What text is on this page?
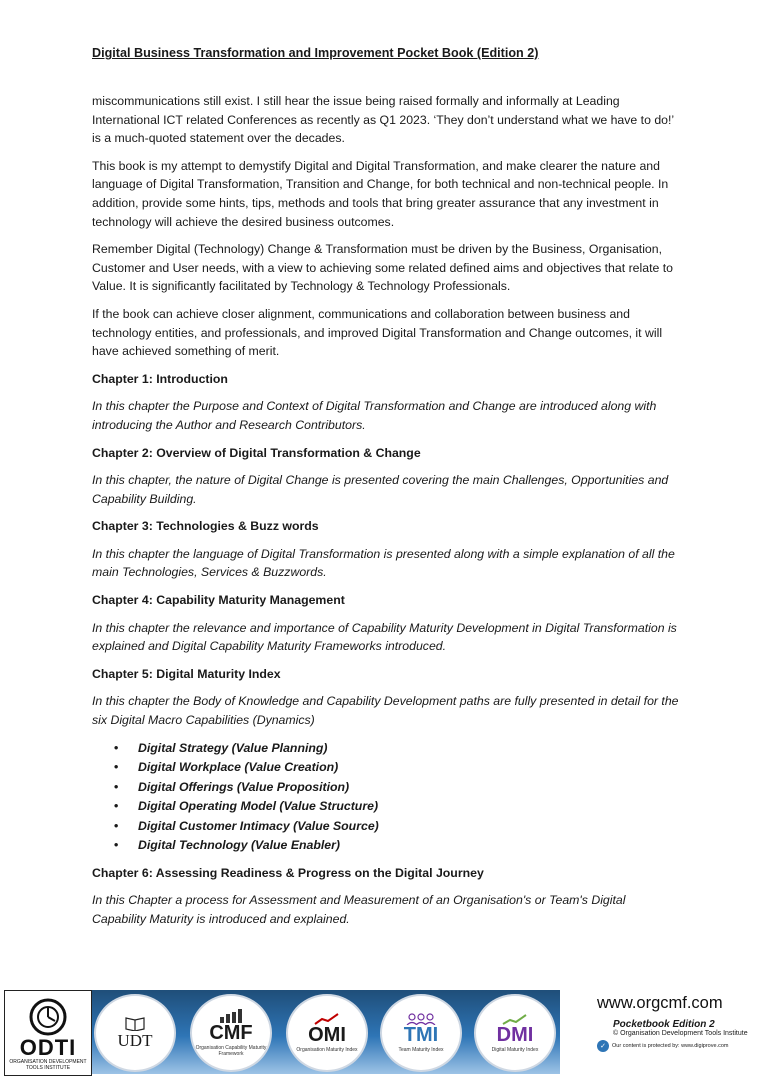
Digital Business Transformation and Improvement Pocket Book (Edition 2)

miscommunications still exist. I still hear the issue being raised formally and informally at Leading International ICT related Conferences as recently as Q1 2023. ‘They don’t understand what we have to do!’ is a much-quoted statement over the decades.

This book is my attempt to demystify Digital and Digital Transformation, and make clearer the nature and language of Digital Transformation, Transition and Change, for both technical and non-technical people. In addition, provide some hints, tips, methods and tools that bring greater assurance that any investment in technology will achieve the desired business outcomes.

Remember Digital (Technology) Change & Transformation must be driven by the Business, Organisation, Customer and User needs, with a view to achieving some related defined aims and objectives that relate to Value. It is significantly facilitated by Technology & Technology Professionals.

If the book can achieve closer alignment, communications and collaboration between business and technology entities, and professionals, and improved Digital Transformation and Change outcomes, it will have achieved something of merit.

Chapter 1: Introduction

In this chapter the Purpose and Context of Digital Transformation and Change are introduced along with introducing the Author and Research Contributors.

Chapter 2: Overview of Digital Transformation & Change

In this chapter, the nature of Digital Change is presented covering the main Challenges, Opportunities and Capability Building.

Chapter 3: Technologies & Buzz words

In this chapter the language of Digital Transformation is presented along with a simple explanation of all the main Technologies, Services & Buzzwords.

Chapter 4: Capability Maturity Management

In this chapter the relevance and importance of Capability Maturity Development in Digital Transformation is explained and Digital Capability Maturity Frameworks introduced.

Chapter 5: Digital Maturity Index

In this chapter the Body of Knowledge and Capability Development paths are fully presented in detail for the six Digital Macro Capabilities (Dynamics)

• Digital Strategy (Value Planning)
• Digital Workplace (Value Creation)
• Digital Offerings (Value Proposition)
• Digital Operating Model (Value Structure)
• Digital Customer Intimacy (Value Source)
• Digital Technology (Value Enabler)

Chapter 6: Assessing Readiness & Progress on the Digital Journey

In this Chapter a process for Assessment and Measurement of an Organisation's or Team's Digital Capability Maturity is introduced and explained.

ODTI
ORGANISATION DEVELOPMENT TOOLS INSTITUTE
UDT	CMF
Organisation Capability Maturity Framework
OMI
Organisation Maturity Index
TMI
Team Maturity Index
DMI
Digital Maturity Index
www.orgcmf.com
Pocketbook Edition 2
© Organisation Development Tools Institute
✓	Our content is protected by: www.digiprove.com
